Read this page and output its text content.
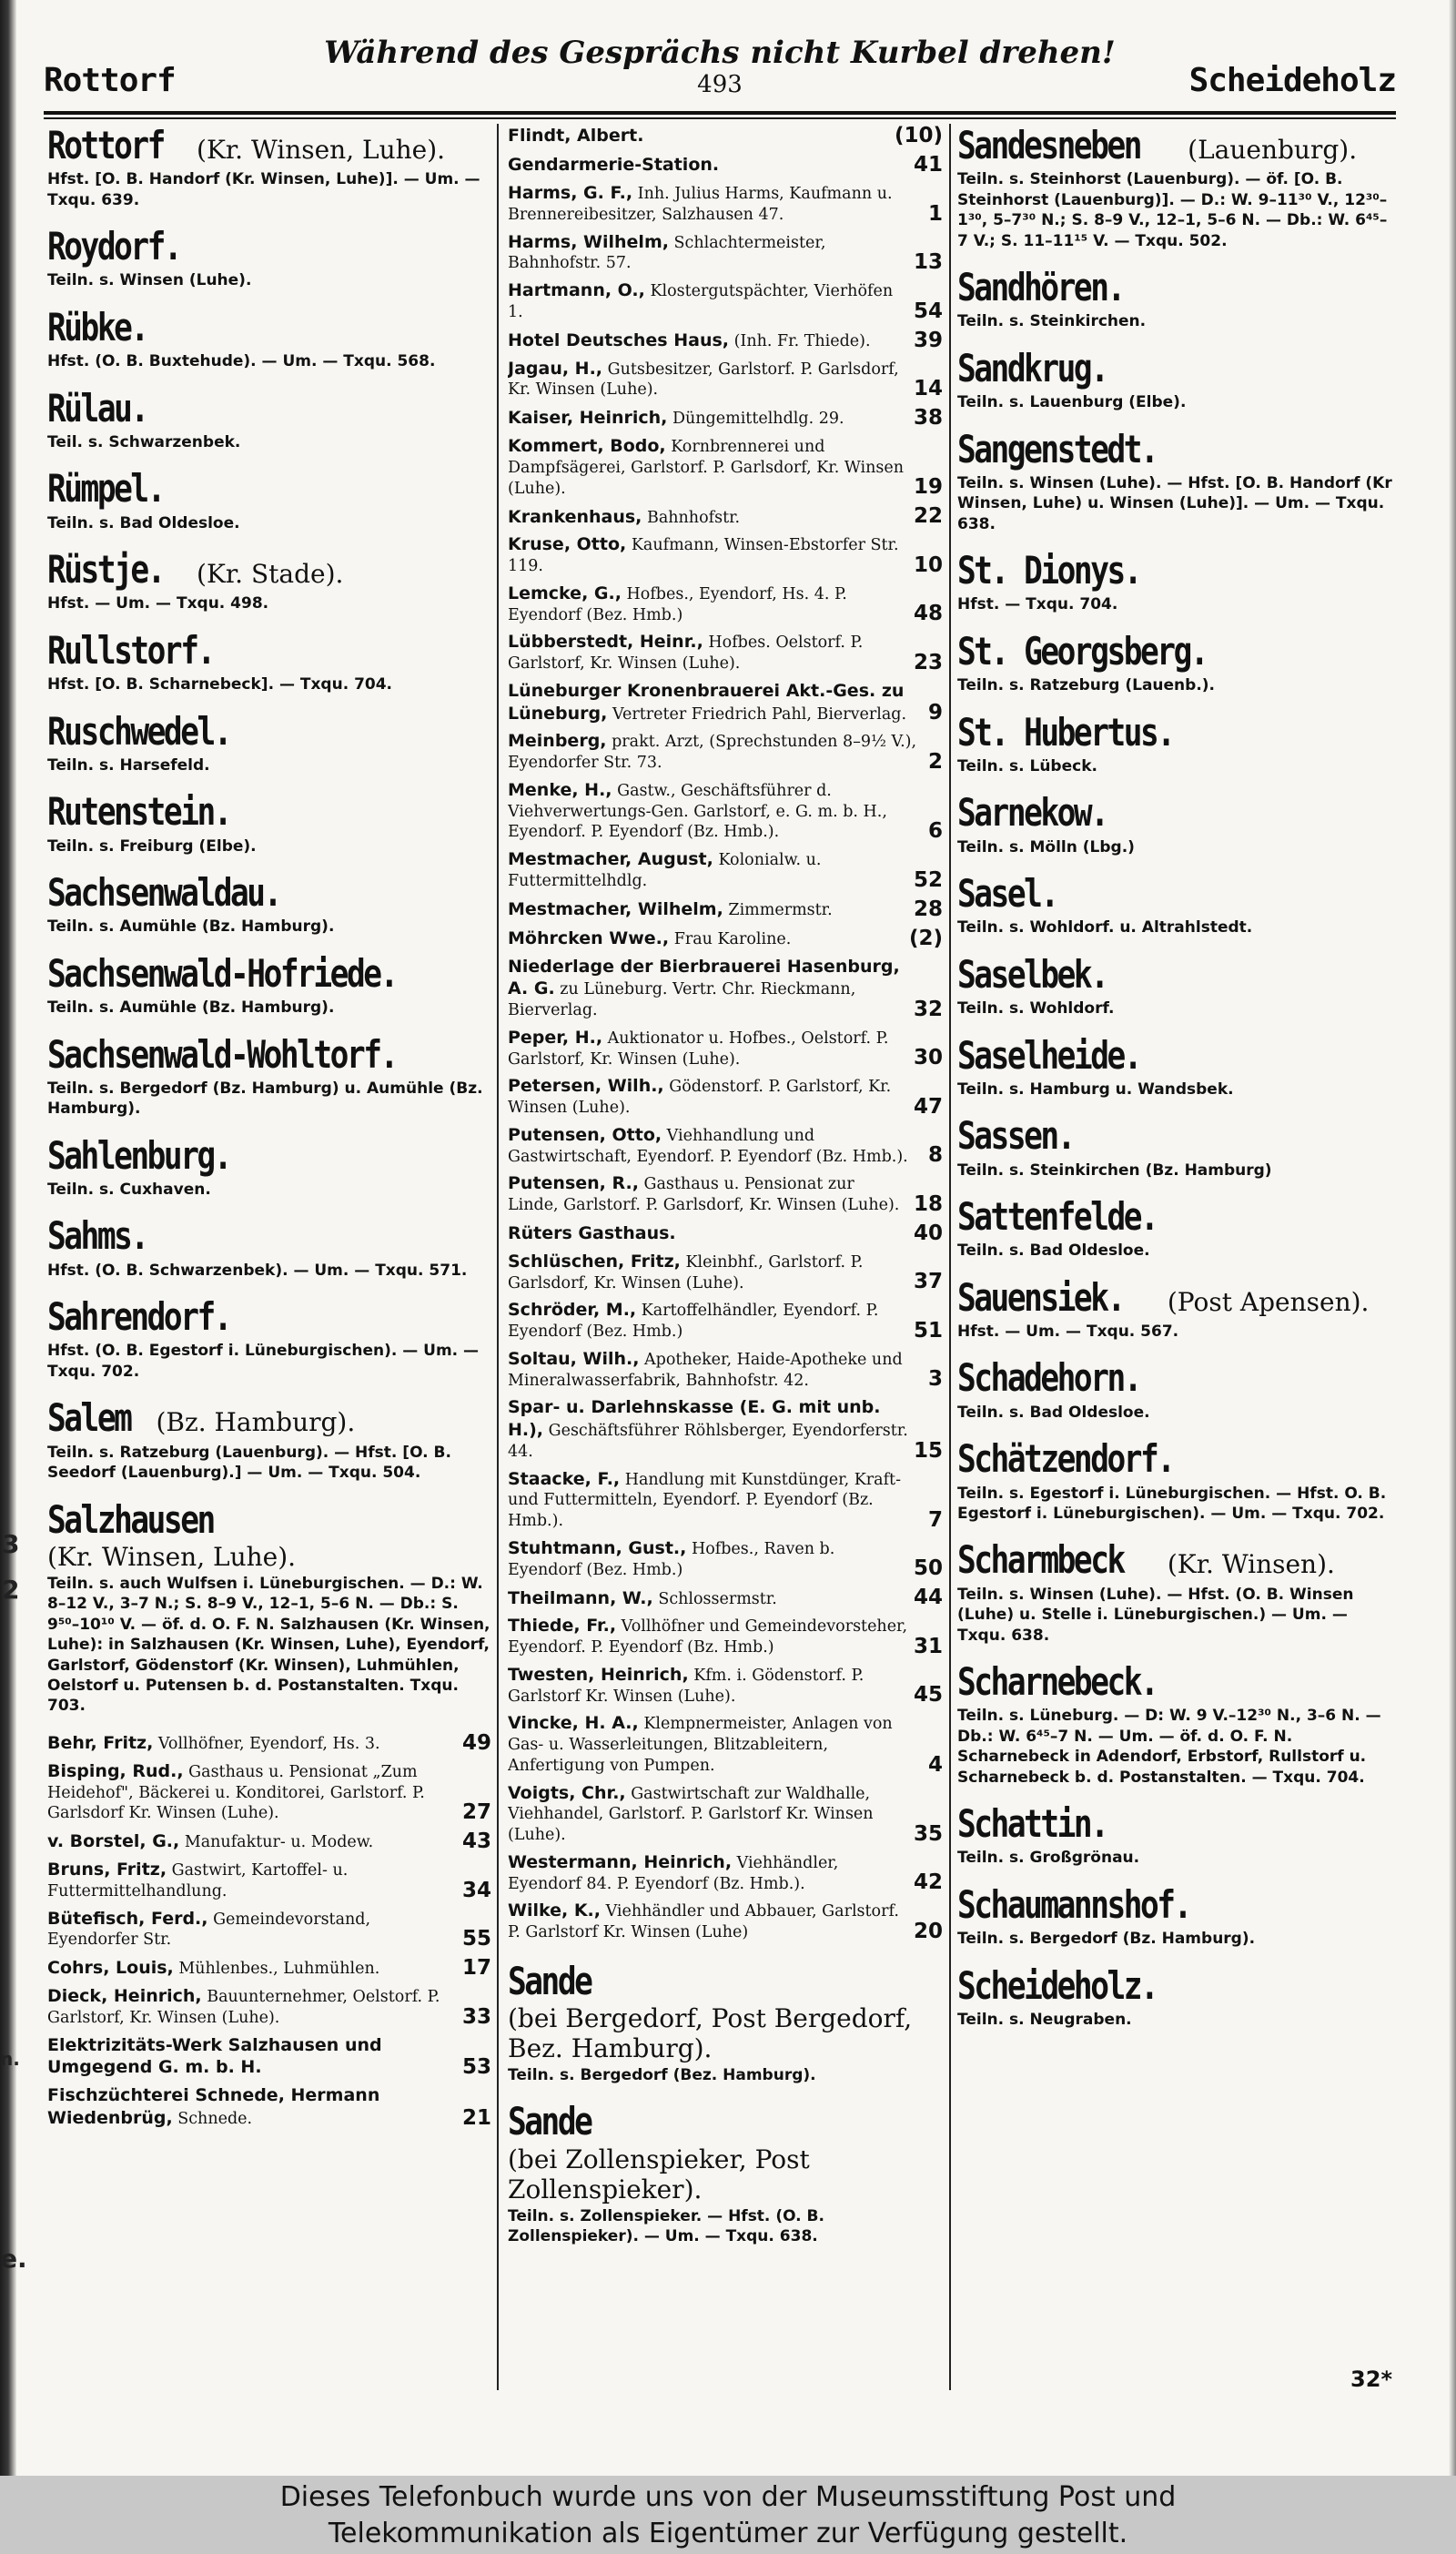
3
2
n.
e.
Rottorf
Während des Gesprächs nicht Kurbel drehen!
493	Scheideholz
Rottorf (Kr. Winsen, Luhe).
Hfst. [O. B. Handorf (Kr. Winsen, Luhe)]. — Um. — Txqu. 639.
Roydorf.
Teiln. s. Winsen (Luhe).
Rübke.
Hfst. (O. B. Buxtehude). — Um. — Txqu. 568.
Rülau.
Teil. s. Schwarzenbek.
Rümpel.
Teiln. s. Bad Oldesloe.
Rüstje. (Kr. Stade).
Hfst. — Um. — Txqu. 498.
Rullstorf.
Hfst. [O. B. Scharnebeck]. — Txqu. 704.
Ruschwedel.
Teiln. s. Harsefeld.
Rutenstein.
Teiln. s. Freiburg (Elbe).
Sachsenwaldau.
Teiln. s. Aumühle (Bz. Hamburg).
Sachsenwald-Hofriede.
Teiln. s. Aumühle (Bz. Hamburg).
Sachsenwald-Wohltorf.
Teiln. s. Bergedorf (Bz. Hamburg) u. Aumühle (Bz. Hamburg).
Sahlenburg.
Teiln. s. Cuxhaven.
Sahms.
Hfst. (O. B. Schwarzenbek). — Um. — Txqu. 571.
Sahrendorf.
Hfst. (O. B. Egestorf i. Lüneburgischen). — Um. — Txqu. 702.
Salem (Bz. Hamburg).
Teiln. s. Ratzeburg (Lauenburg). — Hfst. [O. B. Seedorf (Lauenburg).] — Um. — Txqu. 504.
Salzhausen
(Kr. Winsen, Luhe).
Teiln. s. auch Wulfsen i. Lüneburgischen. — D.: W. 8–12 V., 3–7 N.; S. 8–9 V., 12–1, 5–6 N. — Db.: S. 9⁵⁰–10¹⁰ V. — öf. d. O. F. N. Salzhausen (Kr. Winsen, Luhe): in Salzhausen (Kr. Winsen, Luhe), Eyendorf, Garlstorf, Gödenstorf (Kr. Winsen), Luhmühlen, Oelstorf u. Putensen b. d. Postanstalten. Txqu. 703.
Behr, Fritz, Vollhöfner, Eyendorf, Hs. 3.	49
Bisping, Rud., Gasthaus u. Pensionat „Zum Heidehof", Bäckerei u. Konditorei, Garlstorf. P. Garlsdorf Kr. Winsen (Luhe).	27
v. Borstel, G., Manufaktur- u. Modew.	43
Bruns, Fritz, Gastwirt, Kartoffel- u. Futtermittelhandlung.	34
Bütefisch, Ferd., Gemeindevorstand, Eyendorfer Str.	55
Cohrs, Louis, Mühlenbes., Luhmühlen.	17
Dieck, Heinrich, Bauunternehmer, Oelstorf. P. Garlstorf, Kr. Winsen (Luhe).	33
Elektrizitäts-Werk Salzhausen und Umgegend G. m. b. H.	53
Fischzüchterei Schnede, Hermann Wiedenbrüg, Schnede.	21
Flindt, Albert.	(10)
Gendarmerie-Station.	41
Harms, G. F., Inh. Julius Harms, Kaufmann u. Brennereibesitzer, Salzhausen 47.	1
Harms, Wilhelm, Schlachtermeister, Bahnhofstr. 57.	13
Hartmann, O., Klostergutspächter, Vierhöfen 1.	54
Hotel Deutsches Haus, (Inh. Fr. Thiede).	39
Jagau, H., Gutsbesitzer, Garlstorf. P. Garlsdorf, Kr. Winsen (Luhe).	14
Kaiser, Heinrich, Düngemittelhdlg. 29.	38
Kommert, Bodo, Kornbrennerei und Dampfsägerei, Garlstorf. P. Garlsdorf, Kr. Winsen (Luhe).	19
Krankenhaus, Bahnhofstr.	22
Kruse, Otto, Kaufmann, Winsen-Ebstorfer Str. 119.	10
Lemcke, G., Hofbes., Eyendorf, Hs. 4. P. Eyendorf (Bez. Hmb.)	48
Lübberstedt, Heinr., Hofbes. Oelstorf. P. Garlstorf, Kr. Winsen (Luhe).	23
Lüneburger Kronenbrauerei Akt.-Ges. zu Lüneburg, Vertreter Friedrich Pahl, Bierverlag.	9
Meinberg, prakt. Arzt, (Sprechstunden 8–9½ V.), Eyendorfer Str. 73.	2
Menke, H., Gastw., Geschäftsführer d. Viehverwertungs-Gen. Garlstorf, e. G. m. b. H., Eyendorf. P. Eyendorf (Bz. Hmb.).	6
Mestmacher, August, Kolonialw. u. Futtermittelhdlg.	52
Mestmacher, Wilhelm, Zimmermstr.	28
Möhrcken Wwe., Frau Karoline.	(2)
Niederlage der Bierbrauerei Hasenburg, A. G. zu Lüneburg. Vertr. Chr. Rieckmann, Bierverlag.	32
Peper, H., Auktionator u. Hofbes., Oelstorf. P. Garlstorf, Kr. Winsen (Luhe).	30
Petersen, Wilh., Gödenstorf. P. Garlstorf, Kr. Winsen (Luhe).	47
Putensen, Otto, Viehhandlung und Gastwirtschaft, Eyendorf. P. Eyendorf (Bz. Hmb.). 8
Putensen, R., Gasthaus u. Pensionat zur Linde, Garlstorf. P. Garlsdorf, Kr. Winsen (Luhe). 18
Rüters Gasthaus.	40
Schlüschen, Fritz, Kleinbhf., Garlstorf. P. Garlsdorf, Kr. Winsen (Luhe).	37
Schröder, M., Kartoffelhändler, Eyendorf. P. Eyendorf (Bez. Hmb.)	51
Soltau, Wilh., Apotheker, Haide-Apotheke und Mineralwasserfabrik, Bahnhofstr. 42.	3
Spar- u. Darlehnskasse (E. G. mit unb. H.), Geschäftsführer Röhlsberger, Eyendorferstr. 44.	15
Staacke, F., Handlung mit Kunstdünger, Kraft- und Futtermitteln, Eyendorf. P. Eyendorf (Bz. Hmb.).	7
Stuhtmann, Gust., Hofbes., Raven b. Eyendorf (Bez. Hmb.)	50
Theilmann, W., Schlossermstr.	44
Thiede, Fr., Vollhöfner und Gemeindevorsteher, Eyendorf. P. Eyendorf (Bz. Hmb.)	31
Twesten, Heinrich, Kfm. i. Gödenstorf. P. Garlstorf Kr. Winsen (Luhe).	45
Vincke, H. A., Klempnermeister, Anlagen von Gas- u. Wasserleitungen, Blitzableitern, Anfertigung von Pumpen.	4
Voigts, Chr., Gastwirtschaft zur Waldhalle, Viehhandel, Garlstorf. P. Garlstorf Kr. Winsen (Luhe).	35
Westermann, Heinrich, Viehhändler, Eyendorf 84. P. Eyendorf (Bz. Hmb.).	42
Wilke, K., Viehhändler und Abbauer, Garlstorf. P. Garlstorf Kr. Winsen (Luhe)	20
Sande
(bei Bergedorf, Post Bergedorf, Bez. Hamburg).
Teiln. s. Bergedorf (Bez. Hamburg).
Sande
(bei Zollenspieker, Post Zollenspieker).
Teiln. s. Zollenspieker. — Hfst. (O. B. Zollenspieker). — Um. — Txqu. 638.
Sandesneben (Lauenburg).
Teiln. s. Steinhorst (Lauenburg). — öf. [O. B. Steinhorst (Lauenburg)]. — D.: W. 9–11³⁰ V., 12³⁰–1³⁰, 5–7³⁰ N.; S. 8–9 V., 12–1, 5–6 N. — Db.: W. 6⁴⁵–7 V.; S. 11–11¹⁵ V. — Txqu. 502.
Sandhören.
Teiln. s. Steinkirchen.
Sandkrug.
Teiln. s. Lauenburg (Elbe).
Sangenstedt.
Teiln. s. Winsen (Luhe). — Hfst. [O. B. Handorf (Kr Winsen, Luhe) u. Winsen (Luhe)]. — Um. — Txqu. 638.
St. Dionys.
Hfst. — Txqu. 704.
St. Georgsberg.
Teiln. s. Ratzeburg (Lauenb.).
St. Hubertus.
Teiln. s. Lübeck.
Sarnekow.
Teiln. s. Mölln (Lbg.)
Sasel.
Teiln. s. Wohldorf. u. Altrahlstedt.
Saselbek.
Teiln. s. Wohldorf.
Saselheide.
Teiln. s. Hamburg u. Wandsbek.
Sassen.
Teiln. s. Steinkirchen (Bz. Hamburg)
Sattenfelde.
Teiln. s. Bad Oldesloe.
Sauensiek. (Post Apensen).
Hfst. — Um. — Txqu. 567.
Schadehorn.
Teiln. s. Bad Oldesloe.
Schätzendorf.
Teiln. s. Egestorf i. Lüneburgischen. — Hfst. O. B. Egestorf i. Lüneburgischen). — Um. — Txqu. 702.
Scharmbeck (Kr. Winsen).
Teiln. s. Winsen (Luhe). — Hfst. (O. B. Winsen (Luhe) u. Stelle i. Lüneburgischen.) — Um. — Txqu. 638.
Scharnebeck.
Teiln. s. Lüneburg. — D: W. 9 V.–12³⁰ N., 3–6 N. — Db.: W. 6⁴⁵–7 N. — Um. — öf. d. O. F. N. Scharnebeck in Adendorf, Erbstorf, Rullstorf u. Scharnebeck b. d. Postanstalten. — Txqu. 704.
Schattin.
Teiln. s. Großgrönau.
Schaumannshof.
Teiln. s. Bergedorf (Bz. Hamburg).
Scheideholz.
Teiln. s. Neugraben.
32*
Dieses Telefonbuch wurde uns von der Museumsstiftung Post und
Telekommunikation als Eigentümer zur Verfügung gestellt.
